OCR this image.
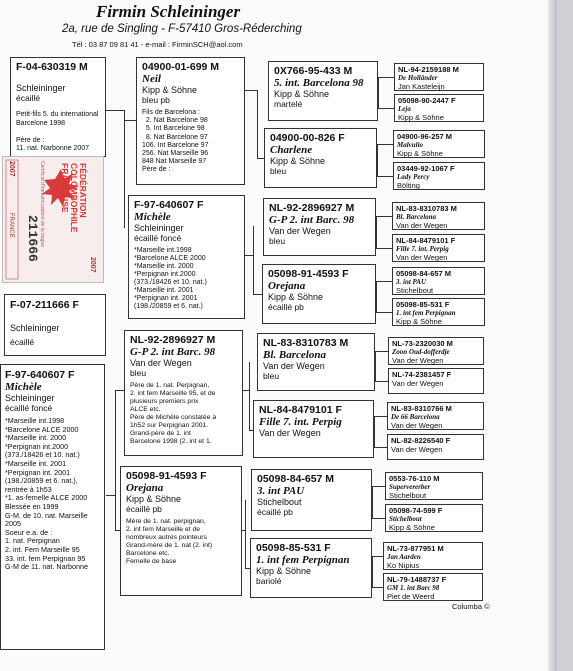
Firmin Schleininger
2a, rue de Singling - F-57410 Gros-Réderching
Tél : 03 87 09 81 41 - e-mail : FirminSCH@aol.com
F-04-630319 M
Schleininger
écaillé
Petit-fils 5. du international
Barcelone 1998

Père de :
11. nat. Narbonne 2007
FÉDÉRATION COLOMBOPHILE FRANÇAISE
Certificat d'immatriculation de la bague
211666
2007
FRANCE
2007
F-07-211666 F
Schleininger
écaillé
F-97-640607 F
Michèle
Schleininger
écaillé foncé
*Marseille int.1998
*Barcelone ALCE 2000
*Marseille int. 2000
*Perpignan int.2000
(373./18426 et 10. nat.)
*Marseille int. 2001
*Perpignan int. 2001
(198./20859 et 6. nat.),
rentrée à 1h53
*1. as-femelle ALCE 2000
Blessée en 1999
G-M. de 10. nat. Marseille
2005
Soeur e.a. de :
1. nat. Perpignan
2. int. Fem Marseille 95
33. int. fem Perpignan 95
G-M de 11. nat. Narbonne
04900-01-699 M
Neil
Kipp & Söhne
bleu pb
Fils de Barcelona :
2. Nat Barcelone 98
5. Int Barcelone 98
8. Nat Barcelone 97
106. Int Barcelone 97
256. Nat Marseille 96
848 Nat Marseille 97
Père de :
F-97-640607 F
Michèle
Schleininger
écaillé foncé
*Marseille int.1998
*Barcelone ALCE 2000
*Marseille int. 2000
*Perpignan int.2000
(373./18426 et 10. nat.)
*Marseille int. 2001
*Perpignan int. 2001
(198./20859 et 6. nat.)
NL-92-2896927 M
G-P 2. int Barc. 98
Van der Wegen
bleu
Père de 1. nat. Perpignan,
2. int fem Marseille 95, et de
plusieurs premiers prix
ALCE etc.
Père de Michèle constatée à
1h52 sur Perpignan 2001.
Grand-père de 1. int
Barcelone 1998 (2. int et 1.
05098-91-4593 F
Orejana
Kipp & Söhne
écaillé pb
Mère de 1. nat. perpignan,
2. int fem Marseille et de
nombreux autres pointeurs
Grand-mère de 1. nat (2. int)
Barcelone etc.
Femelle de base
0X766-95-433 M
5. int. Barcelona 98
Kipp & Söhne
martelé
04900-00-826 F
Charlene
Kipp & Söhne
bleu
NL-92-2896927 M
G-P 2. int Barc. 98
Van der Wegen
bleu
05098-91-4593 F
Orejana
Kipp & Söhne
écaillé pb
NL-83-8310783 M
Bl. Barcelona
Van der Wegen
bleu
NL-84-8479101 F
Fille 7. int. Perpig
Van der Wegen
05098-84-657 M
3. int PAU
Stichelbout
écaillé pb
05098-85-531 F
1. int fem Perpignan
Kipp & Söhne
bariolé
NL-94-2159188 M
De Hollânder
Jan Kasteleijn
05098-90-2447 F
Leja
Kipp & Söhne
04900-96-257 M
Malvulio
Kipp & Söhne
03449-92-1067 F
Lady Percy
Bölting
NL-83-8310783 M
Bl. Barcelona
Van der Wegen
NL-84-8479101 F
Fille 7. int. Perpig
Van der Wegen
05098-84-657 M
3. int PAU
Stichelbout
05098-85-531 F
1. int fem Perpignan
Kipp & Söhne
NL-73-2320030 M
Zoon Oud-dofferdje
Van der Wegen
NL-74-2381457 F
Van der Wegen
NL-83-8310766 M
De 66 Barcelona
Van der Wegen
NL-82-8226540 F
Van der Wegen
0553-76-110 M
Supervererber
Stichelbout
05098-74-599 F
Stichelbout
Kipp & Söhne
NL-73-877951 M
Jan Aarden
Ko Nipius
NL-79-1488737 F
GM 1. int Barc 98
Piet de Weerd
Columba ©
